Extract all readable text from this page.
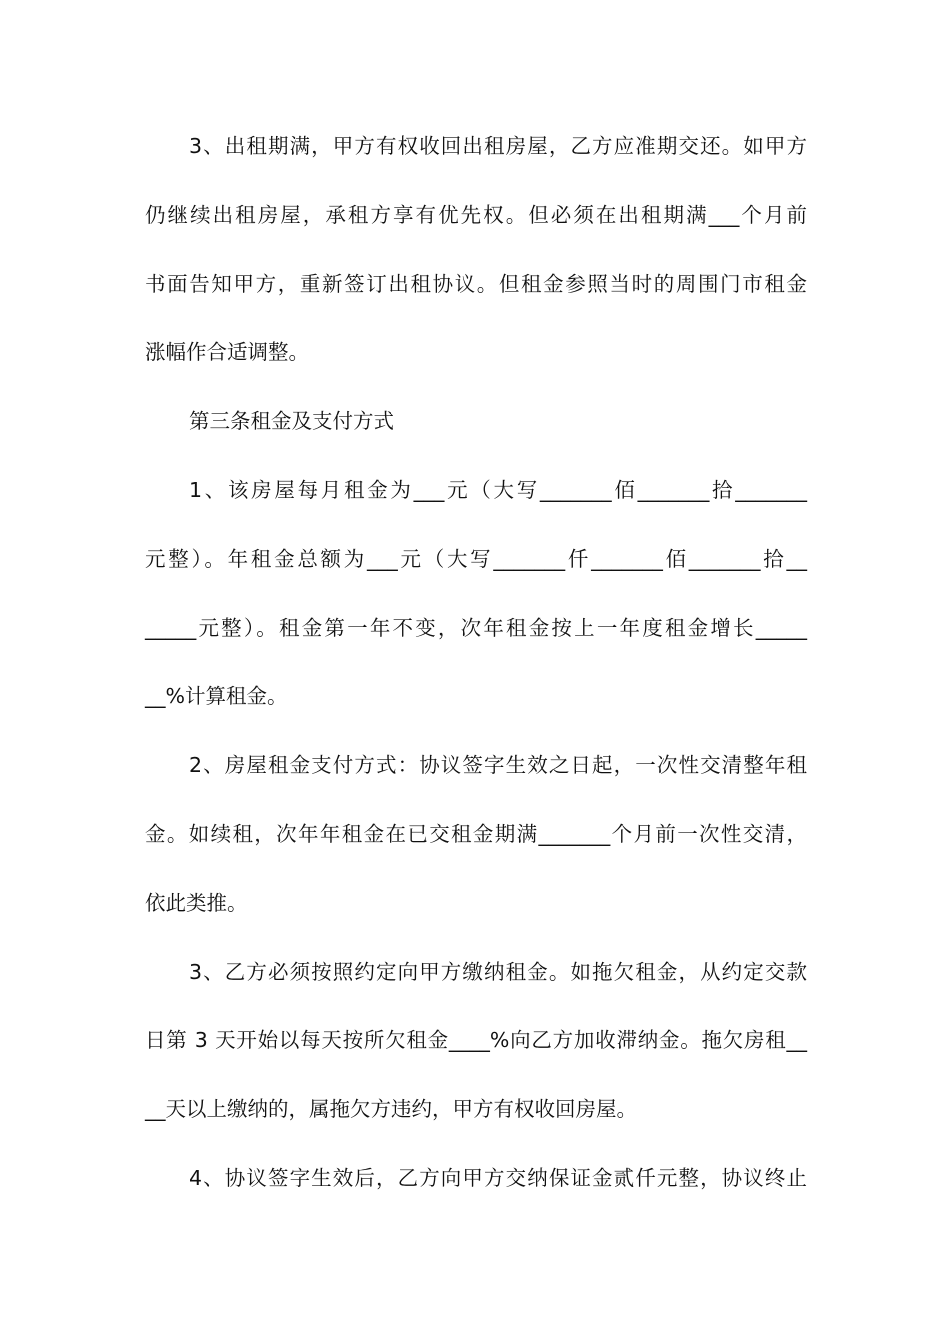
3、出租期满，甲方有权收回出租房屋，乙方应准期交还。如甲方
仍继续出租房屋，承租方享有优先权。但必须在出租期满___个月前
书面告知甲方，重新签订出租协议。但租金参照当时的周围门市租金
涨幅作合适调整。
第三条租金及支付方式
1、该房屋每月租金为___元（大写_______佰_______拾_______
元整）。年租金总额为___元（大写_______仟_______佰_______拾__
_____元整）。租金第一年不变，次年租金按上一年度租金增长_____
__%计算租金。
2、房屋租金支付方式：协议签字生效之日起，一次性交清整年租
金。如续租，次年年租金在已交租金期满_______个月前一次性交清，
依此类推。
3、乙方必须按照约定向甲方缴纳租金。如拖欠租金，从约定交款
日第 3 天开始以每天按所欠租金____%向乙方加收滞纳金。拖欠房租__
__天以上缴纳的，属拖欠方违约，甲方有权收回房屋。
4、协议签字生效后，乙方向甲方交纳保证金贰仟元整，协议终止
